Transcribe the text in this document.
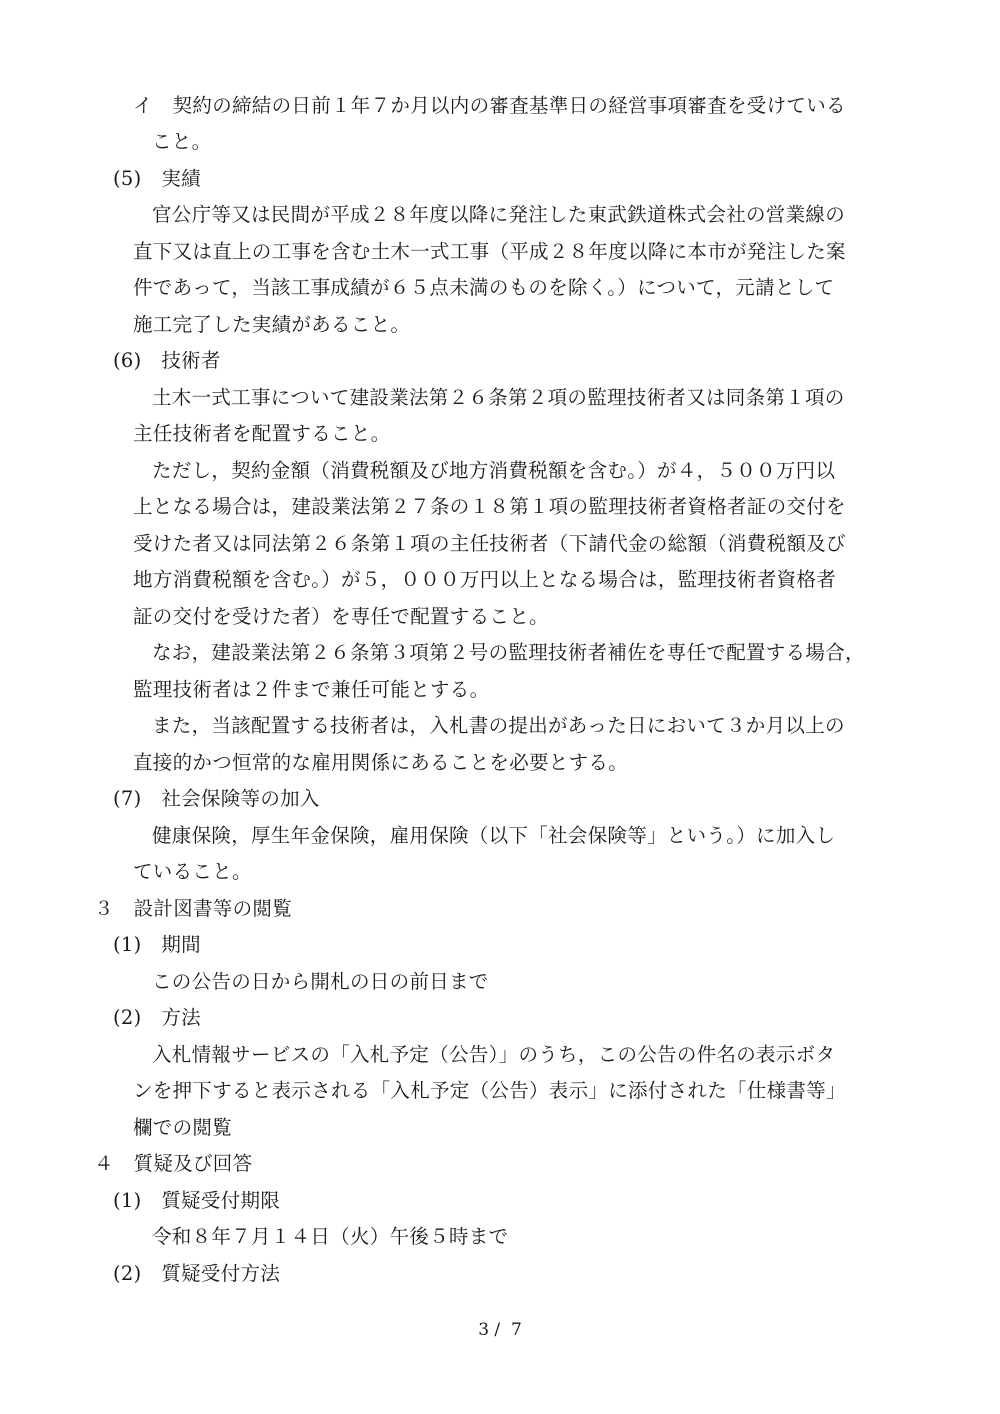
イ　契約の締結の日前１年７か月以内の審査基準日の経営事項審査を受けている
こと。
(5)　実績
官公庁等又は民間が平成２８年度以降に発注した東武鉄道株式会社の営業線の
直下又は直上の工事を含む土木一式工事（平成２８年度以降に本市が発注した案
件であって，当該工事成績が６５点未満のものを除く。）について，元請として
施工完了した実績があること。
(6)　技術者
土木一式工事について建設業法第２６条第２項の監理技術者又は同条第１項の
主任技術者を配置すること。
ただし，契約金額（消費税額及び地方消費税額を含む。）が４，５００万円以
上となる場合は，建設業法第２７条の１８第１項の監理技術者資格者証の交付を
受けた者又は同法第２６条第１項の主任技術者（下請代金の総額（消費税額及び
地方消費税額を含む。）が５，０００万円以上となる場合は，監理技術者資格者
証の交付を受けた者）を専任で配置すること。
なお，建設業法第２６条第３項第２号の監理技術者補佐を専任で配置する場合，
監理技術者は２件まで兼任可能とする。
また，当該配置する技術者は，入札書の提出があった日において３か月以上の
直接的かつ恒常的な雇用関係にあることを必要とする。
(7)　社会保険等の加入
健康保険，厚生年金保険，雇用保険（以下「社会保険等」という。）に加入し
ていること。
３　設計図書等の閲覧
(1)　期間
この公告の日から開札の日の前日まで
(2)　方法
入札情報サービスの「入札予定（公告）」のうち，この公告の件名の表示ボタ
ンを押下すると表示される「入札予定（公告）表示」に添付された「仕様書等」
欄での閲覧
４　質疑及び回答
(1)　質疑受付期限
令和８年７月１４日（火）午後５時まで
(2)　質疑受付方法
3 /  7
